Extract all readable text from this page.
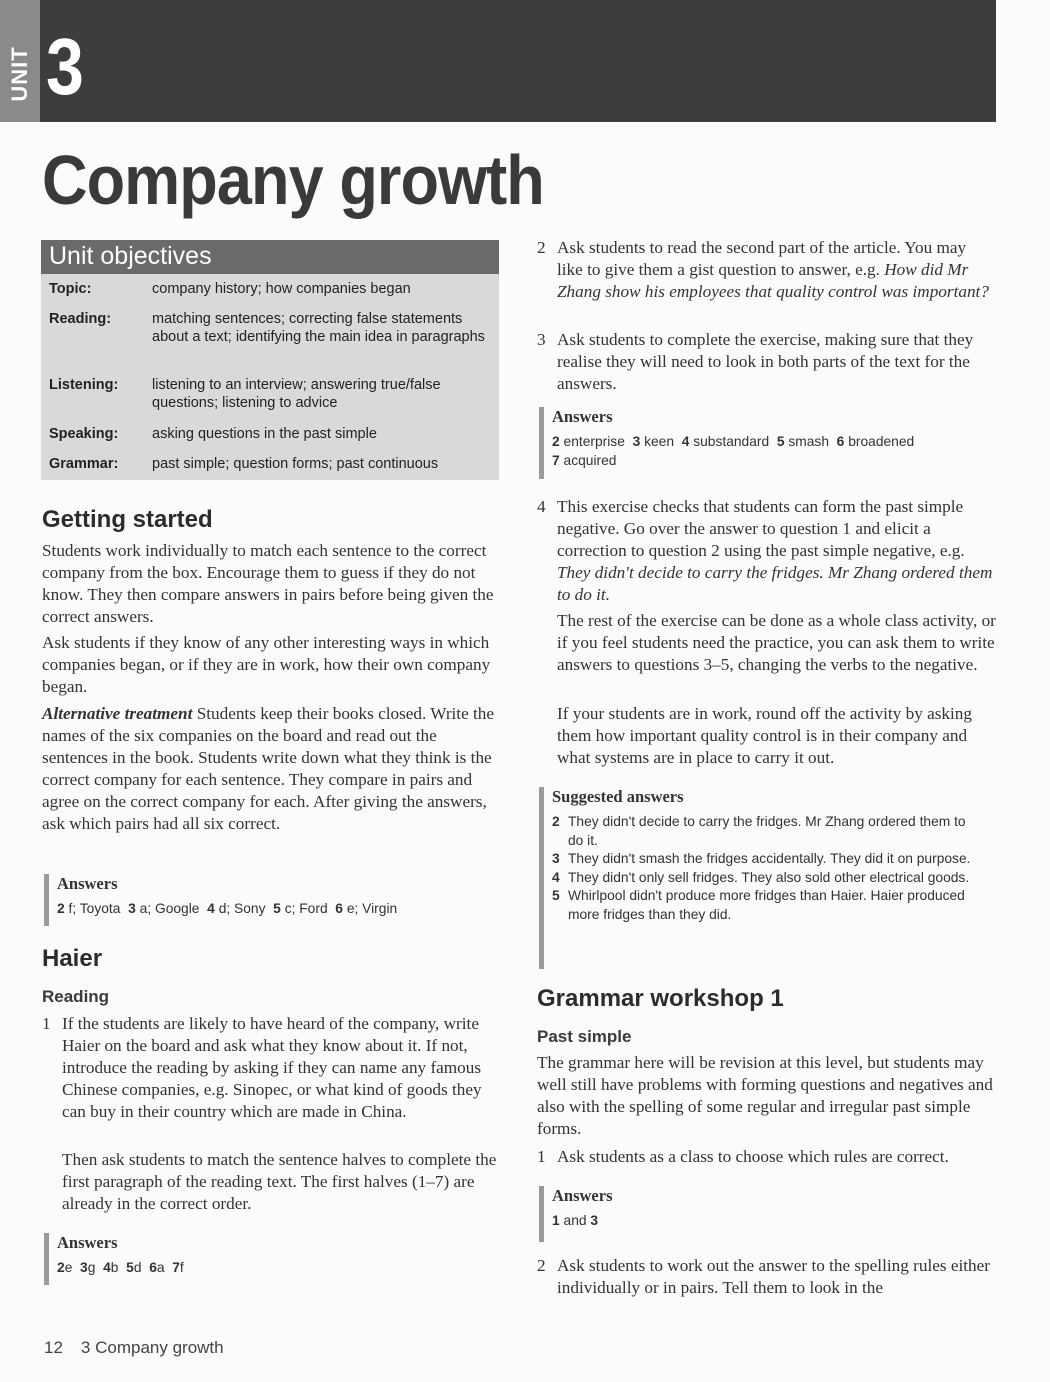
UNIT 3
Company growth
Unit objectives
Topic:	company history; how companies began
Reading:	matching sentences; correcting false statements about a text; identifying the main idea in paragraphs
Listening: listening to an interview; answering true/false questions; listening to advice
Speaking: asking questions in the past simple
Grammar: past simple; question forms; past continuous
Getting started
Students work individually to match each sentence to the correct company from the box. Encourage them to guess if they do not know. They then compare answers in pairs before being given the correct answers.
Ask students if they know of any other interesting ways in which companies began, or if they are in work, how their own company began.
Alternative treatment Students keep their books closed. Write the names of the six companies on the board and read out the sentences in the book. Students write down what they think is the correct company for each sentence. They compare in pairs and agree on the correct company for each. After giving the answers, ask which pairs had all six correct.
Answers
2 f; Toyota 3 a; Google 4 d; Sony 5 c; Ford 6 e; Virgin
Haier
Reading
1 If the students are likely to have heard of the company, write Haier on the board and ask what they know about it. If not, introduce the reading by asking if they can name any famous Chinese companies, e.g. Sinopec, or what kind of goods they can buy in their country which are made in China.
Then ask students to match the sentence halves to complete the first paragraph of the reading text. The first halves (1–7) are already in the correct order.
Answers
2e 3g 4b 5d 6a 7f
2 Ask students to read the second part of the article. You may like to give them a gist question to answer, e.g. How did Mr Zhang show his employees that quality control was important?
3 Ask students to complete the exercise, making sure that they realise they will need to look in both parts of the text for the answers.
Answers
2 enterprise 3 keen 4 substandard 5 smash 6 broadened
7 acquired
4 This exercise checks that students can form the past simple negative. Go over the answer to question 1 and elicit a correction to question 2 using the past simple negative, e.g. They didn't decide to carry the fridges. Mr Zhang ordered them to do it.
The rest of the exercise can be done as a whole class activity, or if you feel students need the practice, you can ask them to write answers to questions 3–5, changing the verbs to the negative.
If your students are in work, round off the activity by asking them how important quality control is in their company and what systems are in place to carry it out.
Suggested answers
2 They didn't decide to carry the fridges. Mr Zhang ordered them to do it.
3 They didn't smash the fridges accidentally. They did it on purpose.
4 They didn't only sell fridges. They also sold other electrical goods.
5 Whirlpool didn't produce more fridges than Haier. Haier produced more fridges than they did.
Grammar workshop 1
Past simple
The grammar here will be revision at this level, but students may well still have problems with forming questions and negatives and also with the spelling of some regular and irregular past simple forms.
1 Ask students as a class to choose which rules are correct.
Answers
1 and 3
2 Ask students to work out the answer to the spelling rules either individually or in pairs. Tell them to look in the
12 3 Company growth
